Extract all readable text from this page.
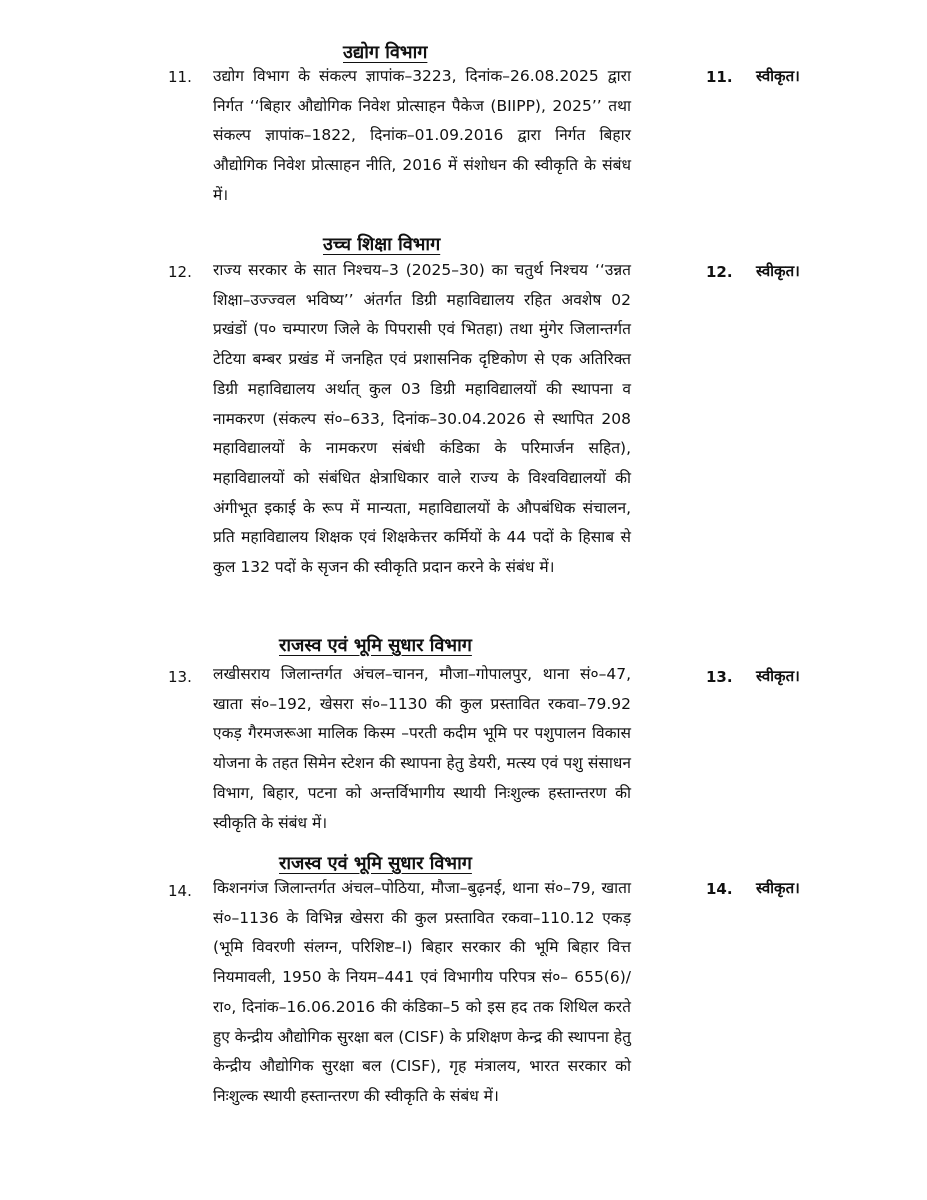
उद्योग विभाग
11. उद्योग विभाग के संकल्प ज्ञापांक–3223, दिनांक–26.08.2025 द्वारा निर्गत ‘‘बिहार औद्योगिक निवेश प्रोत्साहन पैकेज (BIIPP), 2025’’ तथा संकल्प ज्ञापांक–1822, दिनांक–01.09.2016 द्वारा निर्गत बिहार औद्योगिक निवेश प्रोत्साहन नीति, 2016 में संशोधन की स्वीकृति के संबंध में।

11. स्वीकृत।
उच्च शिक्षा विभाग
12. राज्य सरकार के सात निश्चय–3 (2025–30) का चतुर्थ निश्चय ‘‘उन्नत शिक्षा–उज्ज्वल भविष्य’’ अंतर्गत डिग्री महाविद्यालय रहित अवशेष 02 प्रखंडों (प० चम्पारण जिले के पिपरासी एवं भितहा) तथा मुंगेर जिलान्तर्गत टेटिया बम्बर प्रखंड में जनहित एवं प्रशासनिक दृष्टिकोण से एक अतिरिक्त डिग्री महाविद्यालय अर्थात् कुल 03 डिग्री महाविद्यालयों की स्थापना व नामकरण (संकल्प सं०–633, दिनांक–30.04.2026 से स्थापित 208 महाविद्यालयों के नामकरण संबंधी कंडिका के परिमार्जन सहित), महाविद्यालयों को संबंधित क्षेत्राधिकार वाले राज्य के विश्वविद्यालयों की अंगीभूत इकाई के रूप में मान्यता, महाविद्यालयों के औपबंधिक संचालन, प्रति महाविद्यालय शिक्षक एवं शिक्षकेत्तर कर्मियों के 44 पदों के हिसाब से कुल 132 पदों के सृजन की स्वीकृति प्रदान करने के संबंध में।

12. स्वीकृत।
राजस्व एवं भूमि सुधार विभाग
13. लखीसराय जिलान्तर्गत अंचल–चानन, मौजा–गोपालपुर, थाना सं०–47, खाता सं०–192, खेसरा सं०–1130 की कुल प्रस्तावित रकवा–79.92 एकड़ गैरमजरूआ मालिक किस्म –परती कदीम भूमि पर पशुपालन विकास योजना के तहत सिमेन स्टेशन की स्थापना हेतु डेयरी, मत्स्य एवं पशु संसाधन विभाग, बिहार, पटना को अन्तर्विभागीय स्थायी निःशुल्क हस्तान्तरण की स्वीकृति के संबंध में।

13. स्वीकृत।
राजस्व एवं भूमि सुधार विभाग
14. किशनगंज जिलान्तर्गत अंचल–पोठिया, मौजा–बुढ़नई, थाना सं०–79, खाता सं०–1136 के विभिन्न खेसरा की कुल प्रस्तावित रकवा–110.12 एकड़ (भूमि विवरणी संलग्न, परिशिष्ट–I) बिहार सरकार की भूमि बिहार वित्त नियमावली, 1950 के नियम–441 एवं विभागीय परिपत्र सं०– 655(6)/रा०, दिनांक–16.06.2016 की कंडिका–5 को इस हद तक शिथिल करते हुए केन्द्रीय औद्योगिक सुरक्षा बल (CISF) के प्रशिक्षण केन्द्र की स्थापना हेतु केन्द्रीय औद्योगिक सुरक्षा बल (CISF), गृह मंत्रालय, भारत सरकार को निःशुल्क स्थायी हस्तान्तरण की स्वीकृति के संबंध में।

14. स्वीकृत।
